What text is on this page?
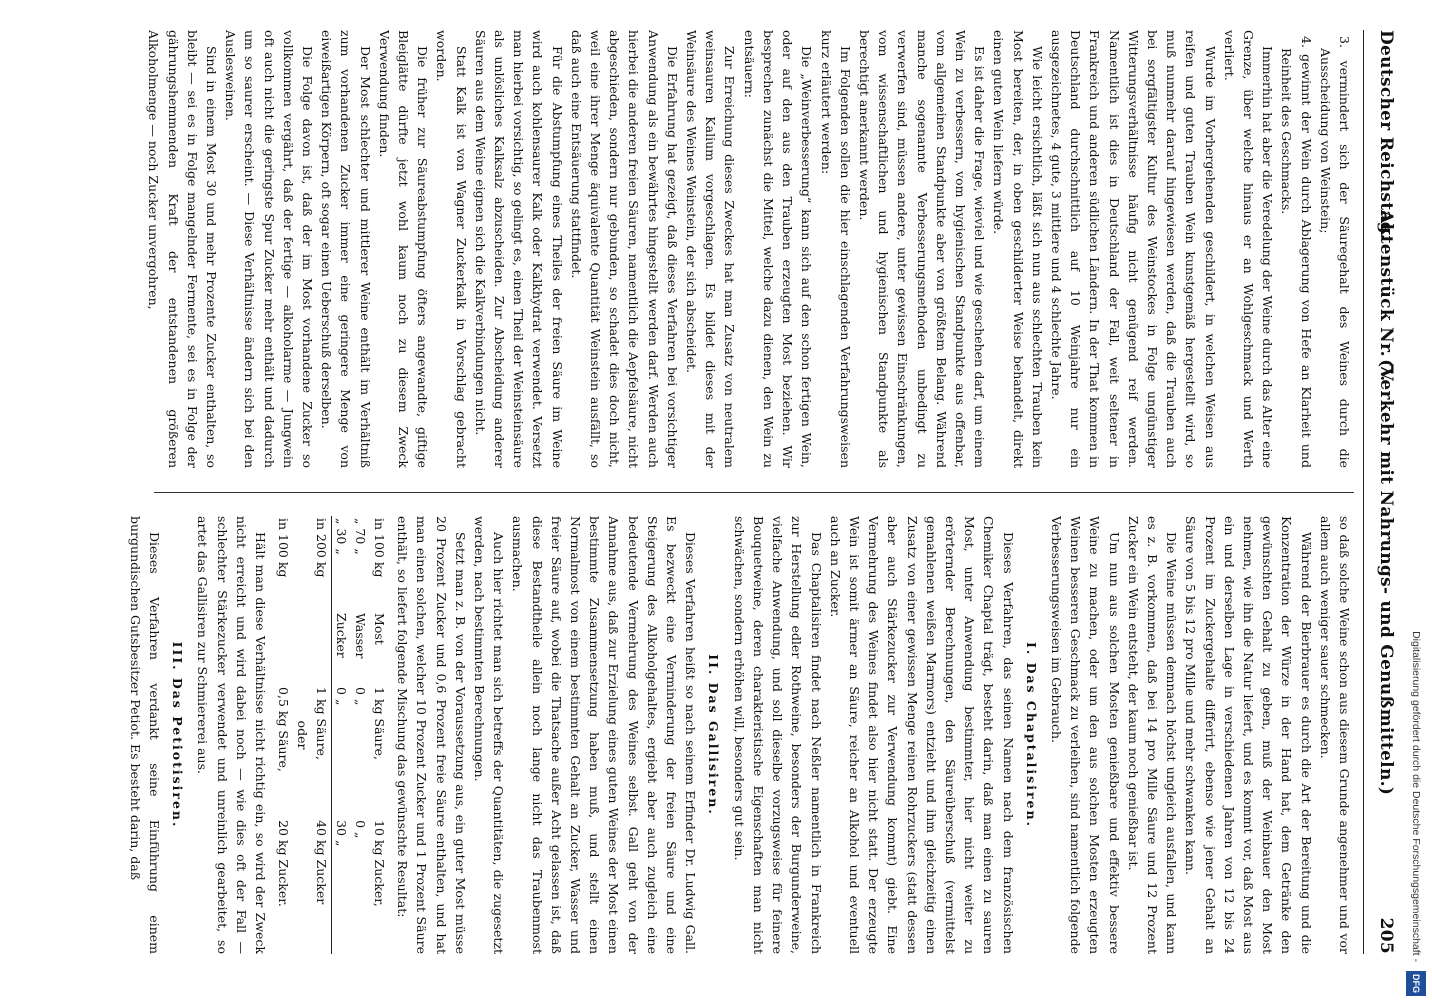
Deutscher Reichstag.
Aktenstück Nr. 7.
(Verkehr mit Nahrungs- und Genußmitteln.)  205

3. vermindert sich der Säuregehalt des Weines durch die Ausscheidung von Weinstein;

4. gewinnt der Wein durch Ablagerung von Hefe an Klarheit und Reinheit des Geschmacks.

Immerhin hat aber die Veredelung der Weine durch das Alter eine Grenze, über welche hinaus er an Wohlgeschmack und Werth verliert.

Wurde im Vorhergehenden geschildert, in welchen Weisen aus reifen und guten Trauben Wein kunstgemäß hergestellt wird, so muß nunmehr darauf hingewiesen werden, daß die Trauben auch bei sorgfältigster Kultur des Weinstockes in Folge ungünstiger Witterungsverhältnisse häufig nicht genügend reif werden. Namentlich ist dies in Deutschland der Fall, weit seltener in Frankreich und anderen südlichen Ländern. In der That kommen in Deutschland durchschnittlich auf 10 Weinjahre nur ein ausgezeichnetes, 4 gute, 3 mittlere und 4 schlechte Jahre.

Wie leicht ersichtlich, läßt sich nun aus schlechten Trauben kein Most bereiten, der, in oben geschilderter Weise behandelt, direkt einen guten Wein liefern würde.

Es ist daher die Frage, wieviel und wie geschehen darf, um einem Wein zu verbessern, vom hygienischen Standpunkte aus offenbar, vom allgemeinen Standpunkte aber von größtem Belang. Während manche sogenannte Verbesserungsmethoden unbedingt zu verwerfen sind, müssen andere, unter gewissen Einschränkungen, vom wissenschaftlichen und hygienischen Standpunkte als berechtigt anerkannt werden.

Im Folgenden sollen die hier einschlagenden Verfahrungsweisen kurz erläutert werden:

Die „Weinverbesserung“ kann sich auf den schon fertigen Wein, oder auf den aus den Trauben erzeugten Most beziehen. Wir besprechen zunächst die Mittel, welche dazu dienen, den Wein zu entsäuern:

Zur Erreichung dieses Zweckes hat man Zusatz von neutralem weinsauren Kalium vorgeschlagen. Es bildet dieses mit der Weinsäure des Weines Weinstein, der sich abscheidet.

Die Erfahrung hat gezeigt, daß dieses Verfahren bei vorsichtiger Anwendung als ein bewährtes hingestellt werden darf. Werden auch hierbei die anderen freien Säuren, namentlich die Aepfelsäure, nicht abgeschieden, sondern nur gebunden, so schadet dies doch nicht, weil eine ihrer Menge äquivalente Quantität Weinstein ausfällt, so daß auch eine Entsäuerung stattfindet.

Für die Abstumpfung eines Theiles der freien Säure im Weine wird auch kohlensaurer Kalk oder Kalkhydrat verwendet. Versetzt man hierbei vorsichtig, so gelingt es, einen Theil der Weinsteinsäure als unlösliches Kalksalz abzuscheiden. Zur Abscheidung anderer Säuren aus dem Weine eignen sich die Kalkverbindungen nicht.

Statt Kalk ist von Wagner Zuckerkalk in Vorschlag gebracht worden.

Die früher zur Säureabstumpfung öfters angewandte, giftige Bleiglätte dürfte jetzt wohl kaum noch zu diesem Zweck Verwendung finden.

Der Most schlechter und mittlerer Weine enthält im Verhältniß zum vorhandenen Zucker immer eine geringere Menge von eiweißartigen Körpern, oft sogar einen Ueberschuß derselben.

Die Folge davon ist, daß der im Most vorhandene Zucker so vollkommen vergährt, daß der fertige — alkoholarme — Jungwein oft auch nicht die geringste Spur Zucker mehr enthält und dadurch um so saurer erscheint. — Diese Verhältnisse ändern sich bei den Auslesweinen.

Sind in einem Most 30 und mehr Prozente Zucker enthalten, so bleibt — sei es in Folge mangelnder Fermente, sei es in Folge der gährungshemmenden Kraft der entstandenen größeren Alkoholmenge — noch Zucker unvergohren,

so daß solche Weine schon aus diesem Grunde angenehmer und vor allem auch weniger sauer schmecken.

Während der Bierbrauer es durch die Art der Bereitung und die Konzentration der Würze in der Hand hat, dem Getränke den gewünschten Gehalt zu geben, muß der Weinbauer den Most nehmen, wie ihn die Natur liefert, und es kommt vor, daß Most aus ein und derselben Lage in verschiedenen Jahren von 12 bis 24 Prozent im Zuckergehalte differirt, ebenso wie jener Gehalt an Säure von 5 bis 12 pro Mille und mehr schwanken kann.

Die Weine müssen demnach höchst ungleich ausfallen, und kann es z. B. vorkommen, daß bei 14 pro Mille Säure und 12 Prozent Zucker ein Wein entsteht, der kaum noch genießbar ist.

Um nun aus solchen Mosten genießbare und effektiv bessere Weine zu machen, oder um den aus solchen Mosten erzeugten Weinen besseren Geschmack zu verleihen, sind namentlich folgende Verbesserungsweisen im Gebrauch.

I. Das Chaptalisiren.

Dieses Verfahren, das seinen Namen nach dem französischen Chemiker Chaptal trägt, besteht darin, daß man einen zu sauren Most, unter Anwendung bestimmter, hier nicht weiter zu erörternder Berechnungen, den Säureüberschuß (vermittelst gemahlenen weißen Marmors) entzieht und ihm gleichzeitig einen Zusatz von einer gewissen Menge reinen Rohrzuckers (statt dessen aber auch Stärkezucker zur Verwendung kommt) giebt. Eine Vermehrung des Weines findet also hier nicht statt. Der erzeugte Wein ist somit ärmer an Säure, reicher an Alkohol und eventuell auch an Zucker.

Das Chaptalisiren findet nach Neßler namentlich in Frankreich zur Herstellung edler Rothweine, besonders der Burgunderweine, vielfache Anwendung, und soll dieselbe vorzugsweise für feinere Bouquetweine, deren charakteristische Eigenschaften man nicht schwächen, sondern erhöhen will, besonders gut sein.

II. Das Gallisiren.

Dieses Verfahren heißt so nach seinem Erfinder Dr. Ludwig Gall. Es bezweckt eine Verminderung der freien Säure und eine Steigerung des Alkoholgehaltes, ergiebt aber auch zugleich eine bedeutende Vermehrung des Weines selbst. Gall geht von der Annahme aus, daß zur Erzielung eines guten Weines der Most einen bestimmte Zusammensetzung haben muß, und stellt einen Normalmost von einem bestimmten Gehalt an Zucker, Wasser und freier Säure auf, wobei die Thatsache außer Acht gelassen ist, daß diese Bestandtheile allein noch lange nicht das Traubenmost ausmachen.

Auch hier richtet man sich betreffs der Quantitäten, die zugesetzt werden, nach bestimmten Berechnungen.

Setzt man z. B. von der Voraussetzung aus, ein guter Most müsse 20 Prozent Zucker und 0,6 Prozent freie Säure enthalten, und hat man einen solchen, welcher 10 Prozent Zucker und 1 Prozent Säure enthält, so liefert folgende Mischung das gewünschte Resultat:

in 100 kg	Most	1 kg Säure,	10 kg Zucker,
„ 70 „	Wasser	0 „	0 „
„ 30 „	Zucker	0 „	30 „
in 200 kg		1 kg Säure,	40 kg Zucker
oder			
in 100 kg		0,5 kg Säure,	20 kg Zucker.

Hält man diese Verhältnisse nicht richtig ein, so wird der Zweck nicht erreicht und wird dabei noch — wie dies oft der Fall — schlechter Stärkezucker verwendet und unreinlich gearbeitet, so artet das Gallisiren zur Schmiererei aus.

III. Das Petiotisiren.

Dieses Verfahren verdankt seine Einführung einem burgundischen Gutsbesitzer Petiot. Es besteht darin, daß	Digitalisierung gefördert durch die Deutsche Forschungsgemeinschaft -
DFG
